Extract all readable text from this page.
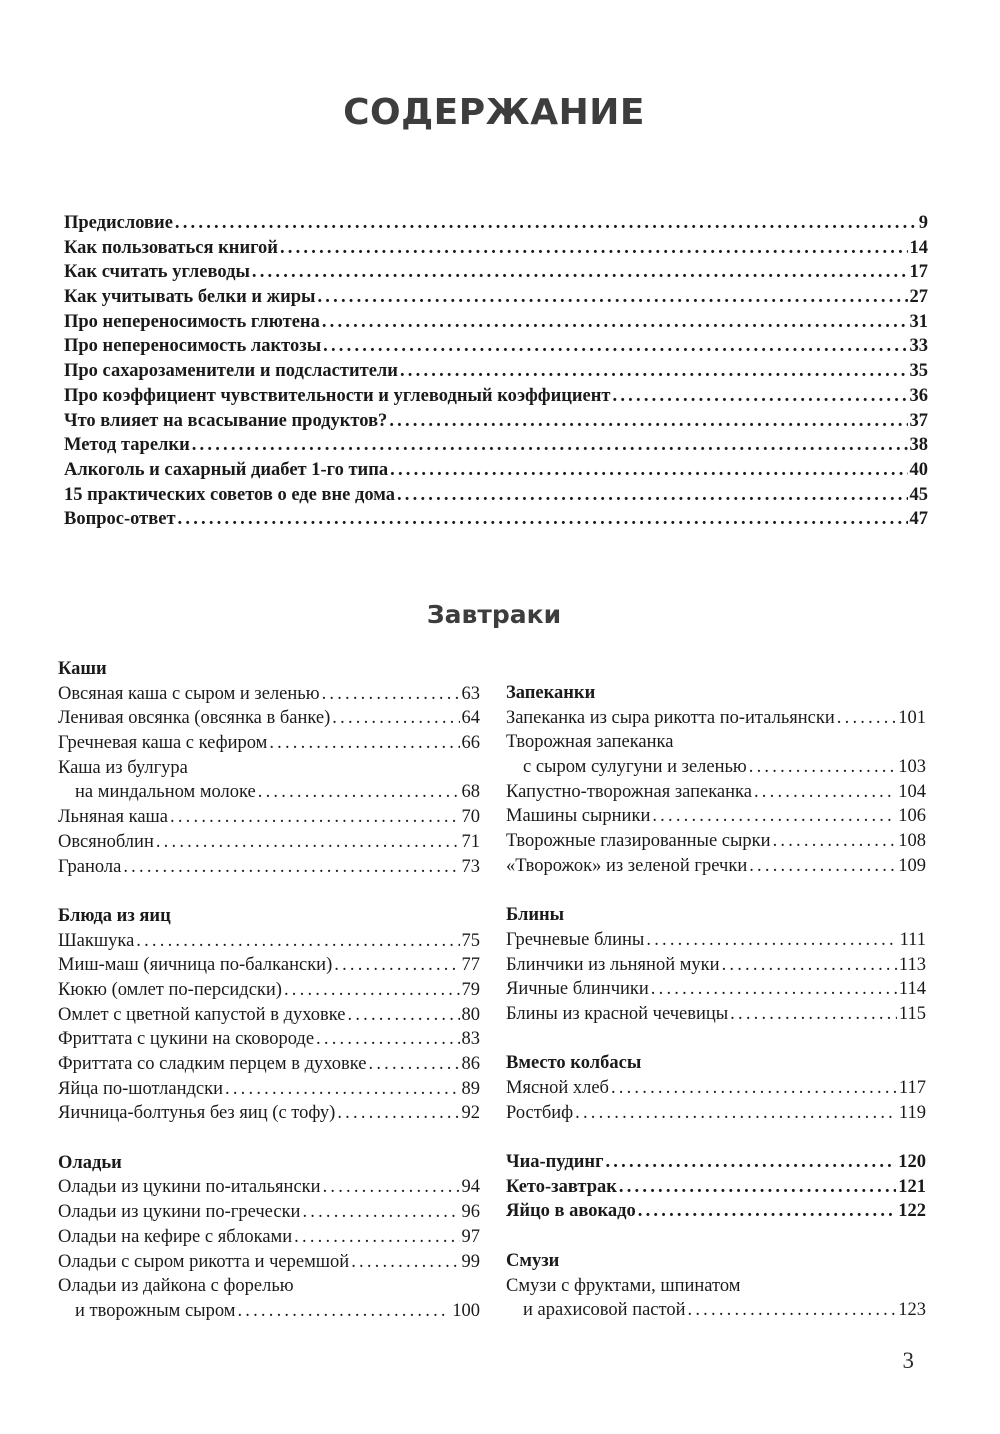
СОДЕРЖАНИЕ
Предисловие .....	9
Как пользоваться книгой .....	14
Как считать углеводы .....	17
Как учитывать белки и жиры .....	27
Про непереносимость глютена .....	31
Про непереносимость лактозы .....	33
Про сахарозаменители и подсластители .....	35
Про коэффициент чувствительности и углеводный коэффициент .....	36
Что влияет на всасывание продуктов? .....	37
Метод тарелки .....	38
Алкоголь и сахарный диабет 1-го типа .....	40
15 практических советов о еде вне дома .....	45
Вопрос-ответ .....	47
Завтраки
Каши
Овсяная каша с сыром и зеленью .....	63
Ленивая овсянка (овсянка в банке) .....	64
Гречневая каша с кефиром .....	66
Каша из булгура
на миндальном молоке .....	68
Льняная каша .....	70
Овсяноблин .....	71
Гранола .....	73
Блюда из яиц
Шакшука .....	75
Миш-маш (яичница по-балкански) .....	77
Кюкю (омлет по-персидски) .....	79
Омлет с цветной капустой в духовке .....	80
Фриттата с цукини на сковороде .....	83
Фриттата со сладким перцем в духовке .....	86
Яйца по-шотландски .....	89
Яичница-болтунья без яиц (с тофу) .....	92
Оладьи
Оладьи из цукини по-итальянски .....	94
Оладьи из цукини по-гречески .....	96
Оладьи на кефире с яблоками .....	97
Оладьи с сыром рикотта и черемшой .....	99
Оладьи из дайкона с форелью
и творожным сыром .....	100
Запеканки
Запеканка из сыра рикотта по-итальянски .....	101
Творожная запеканка
с сыром сулугуни и зеленью .....	103
Капустно-творожная запеканка .....	104
Машины сырники .....	106
Творожные глазированные сырки .....	108
«Творожок» из зеленой гречки .....	109
Блины
Гречневые блины .....	111
Блинчики из льняной муки .....	113
Яичные блинчики .....	114
Блины из красной чечевицы .....	115
Вместо колбасы
Мясной хлеб .....	117
Ростбиф .....	119
Чиа-пудинг .....	120
Кето-завтрак .....	121
Яйцо в авокадо .....	122
Смузи
Смузи с фруктами, шпинатом
и арахисовой пастой .....	123
3
